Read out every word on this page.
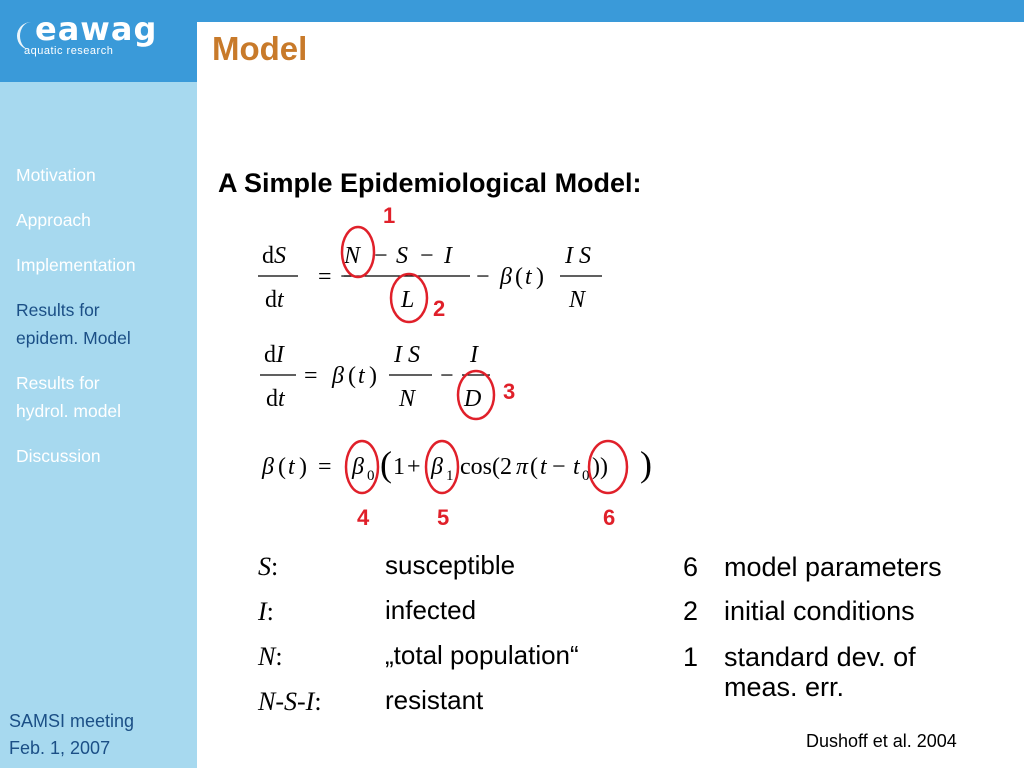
eawag
aquatic research
Motivation
Approach
Implementation
Results for
epidem. Model
Results for
hydrol. model
Discussion
SAMSI meeting
Feb. 1, 2007
Model
A Simple Epidemiological Model:
dS
dt
= −
N − S − I
L
− β ( t )
I S
N
dI
dt
= β ( t )
I S
N
−
I
D
β ( t ) = β 0 ( 1 + β 1 cos(2 π ( t − t 0 )) )
1
2
3
4	5	6
S:	susceptible
I:	infected
N:	„total population“
N-S-I: resistant
6 model parameters
2 initial conditions
1 standard dev. of
meas. err.
Dushoff et al. 2004
